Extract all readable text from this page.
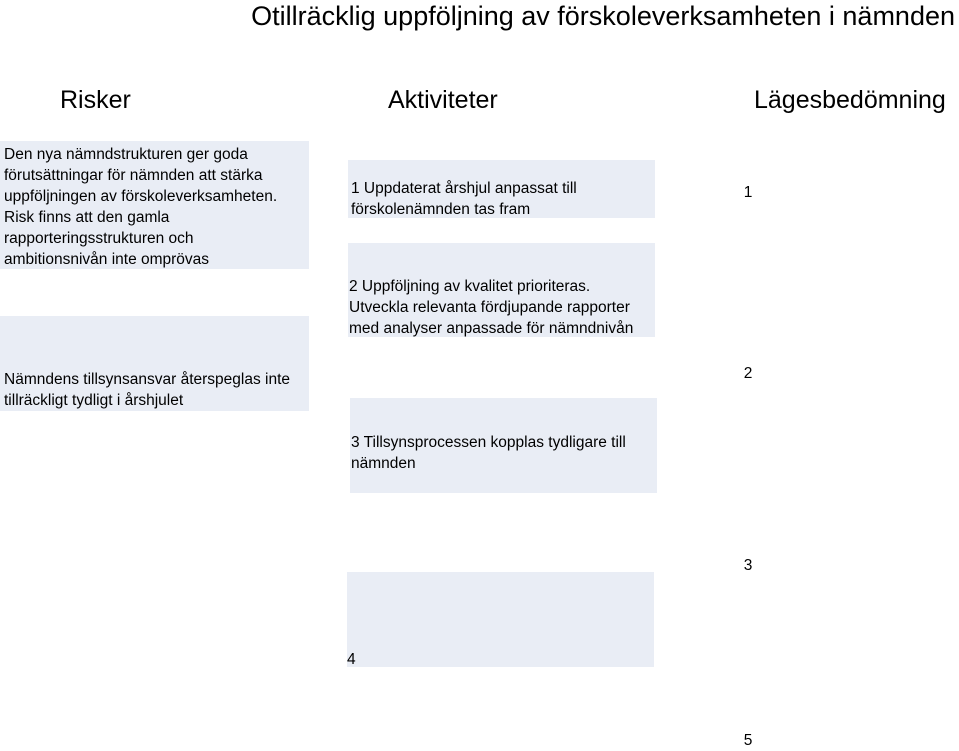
Otillräcklig uppföljning av förskoleverksamheten i nämnden
Risker	Aktiviteter	Lägesbedömning
Den nya nämndstrukturen ger goda
förutsättningar för nämnden att stärka
uppföljningen av förskoleverksamheten.
Risk finns att den gamla
rapporteringsstrukturen och
ambitionsnivån inte omprövas
Nämndens tillsynsansvar återspeglas inte
tillräckligt tydligt i årshjulet
1 Uppdaterat årshjul anpassat till
förskolenämnden tas fram
2 Uppföljning av kvalitet prioriteras.
Utveckla relevanta fördjupande rapporter
med analyser anpassade för nämndnivån
3 Tillsynsprocessen kopplas tydligare till
nämnden
4
1
2
3
5
